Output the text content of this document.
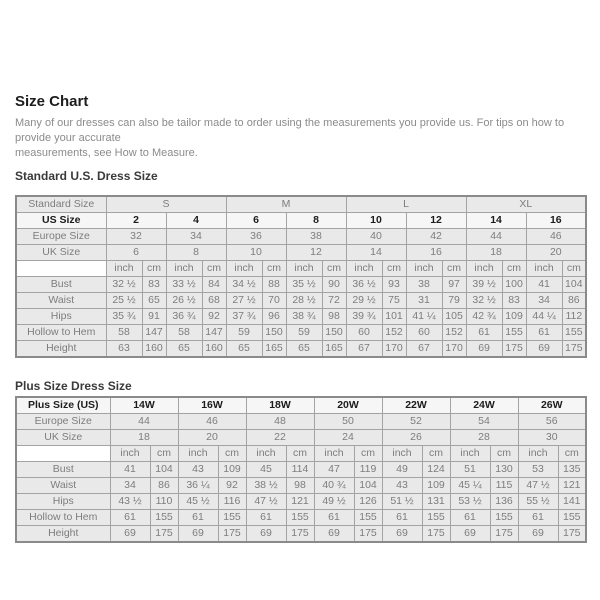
Size Chart

Many of our dresses can also be tailor made to order using the measurements you provide us. For tips on how to provide your accurate
measurements, see How to Measure.

Standard U.S. Dress Size
Standard Size	S				M				L				XL			
US Size	2		4		6		8		10		12		14		16	
Europe Size	32		34		36		38		40		42		44		46	
UK Size	6		8		10		12		14		16		18		20	
	inch	cm	inch	cm	inch	cm	inch	cm	inch	cm	inch	cm	inch	cm	inch	cm
Bust	32 ½	83	33 ½	84	34 ½	88	35 ½	90	36 ½	93	38	97	39 ½	100	41	104
Waist	25 ½	65	26 ½	68	27 ½	70	28 ½	72	29 ½	75	31	79	32 ½	83	34	86
Hips	35 ¾	91	36 ¾	92	37 ¾	96	38 ¾	98	39 ¾	101	41 ¼	105	42 ¾	109	44 ¼	112
Hollow to Hem	58	147	58	147	59	150	59	150	60	152	60	152	61	155	61	155
Height	63	160	65	160	65	165	65	165	67	170	67	170	69	175	69	175
Plus Size Dress Size
Plus Size (US)	14W		16W		18W		20W		22W		24W		26W	
Europe Size	44		46		48		50		52		54		56	
UK Size	18		20		22		24		26		28		30	
	inch	cm	inch	cm	inch	cm	inch	cm	inch	cm	inch	cm	inch	cm
Bust	41	104	43	109	45	114	47	119	49	124	51	130	53	135
Waist	34	86	36 ¼	92	38 ½	98	40 ¾	104	43	109	45 ¼	115	47 ½	121
Hips	43 ½	110	45 ½	116	47 ½	121	49 ½	126	51 ½	131	53 ½	136	55 ½	141
Hollow to Hem	61	155	61	155	61	155	61	155	61	155	61	155	61	155
Height	69	175	69	175	69	175	69	175	69	175	69	175	69	175
